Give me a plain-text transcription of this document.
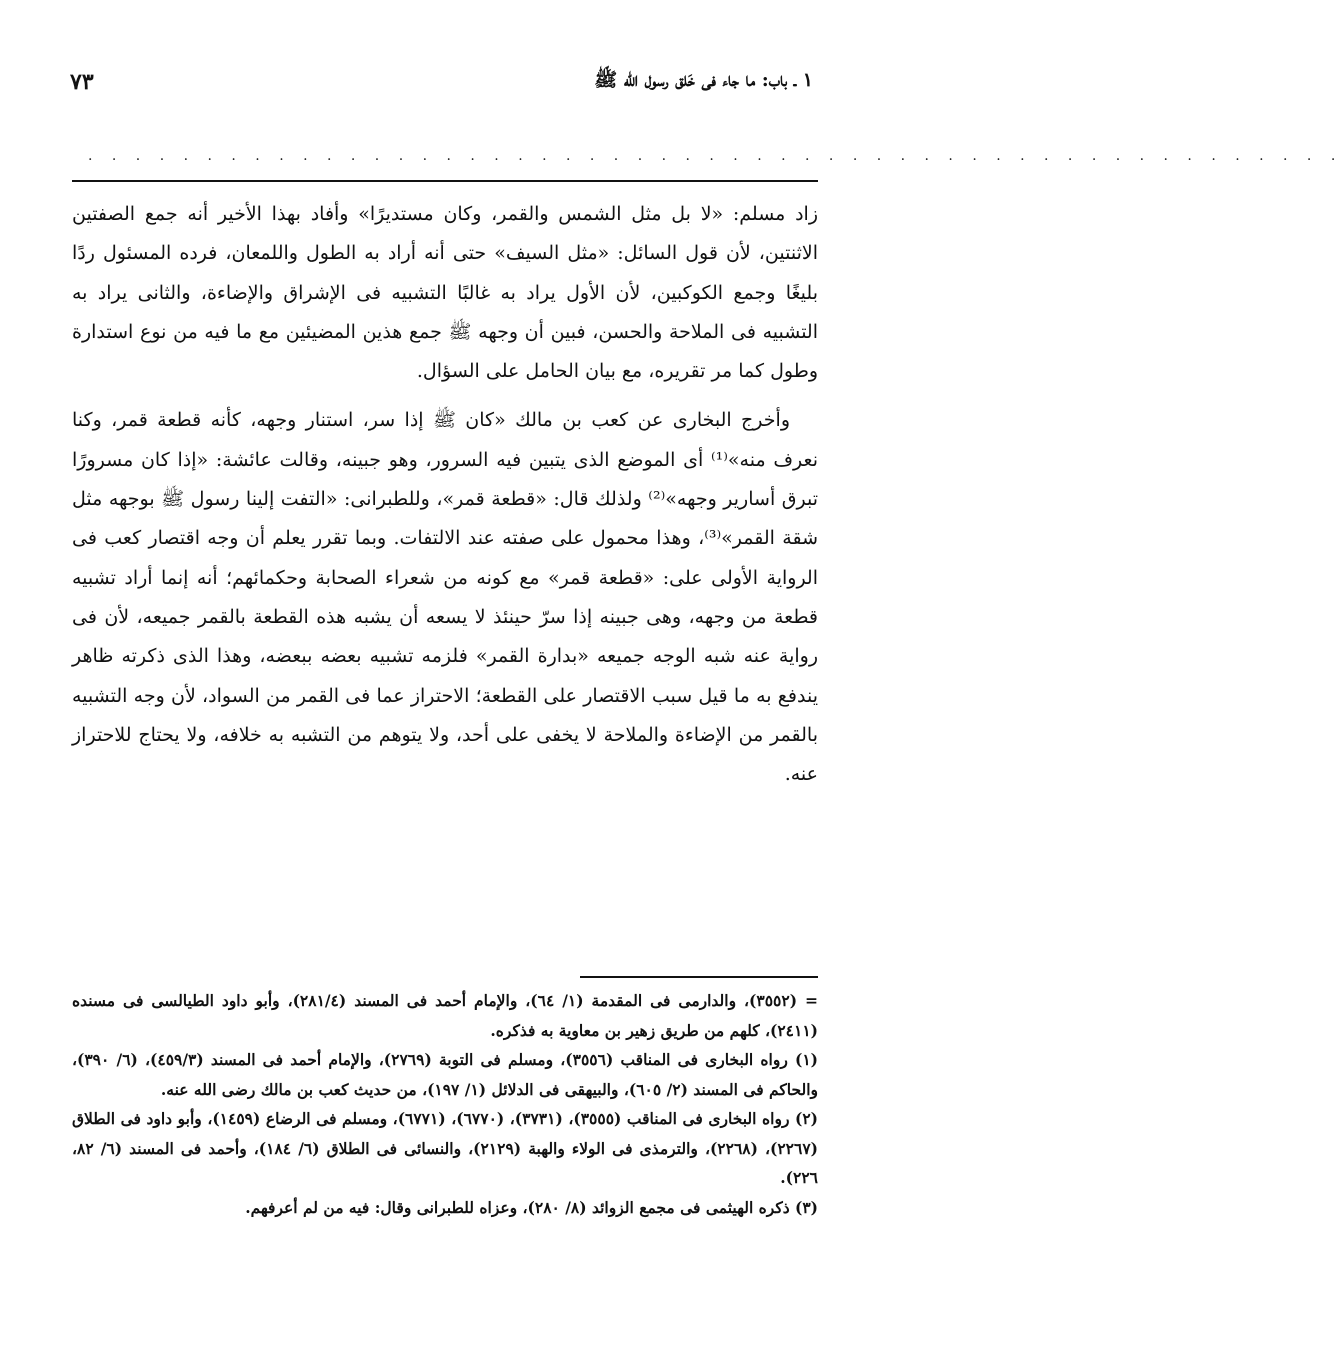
٧٣	١ ـ باب: ما جاء فى خَلق رسول الله ﷺ
. . . . . . . . . . . . . . . . . . . . . . . . . . . . . . . . . . . . . . . . . . . . . . . . . . . . .

زاد مسلم: «لا بل مثل الشمس والقمر، وكان مستديرًا» وأفاد بهذا الأخير أنه جمع الصفتين الاثنتين، لأن قول السائل: «مثل السيف» حتى أنه أراد به الطول واللمعان، فرده المسئول ردًا بليغًا وجمع الكوكبين، لأن الأول يراد به غالبًا التشبيه فى الإشراق والإضاءة، والثانى يراد به التشبيه فى الملاحة والحسن، فبين أن وجهه ﷺ جمع هذين المضيئين مع ما فيه من نوع استدارة وطول كما مر تقريره، مع بيان الحامل على السؤال.

وأخرج البخارى عن كعب بن مالك «كان ﷺ إذا سر، استنار وجهه، كأنه قطعة قمر، وكنا نعرف منه»⁽¹⁾ أى الموضع الذى يتبين فيه السرور، وهو جبينه، وقالت عائشة: «إذا كان مسرورًا تبرق أسارير وجهه»⁽²⁾ ولذلك قال: «قطعة قمر»، وللطبرانى: «التفت إلينا رسول ﷺ بوجهه مثل شقة القمر»⁽³⁾، وهذا محمول على صفته عند الالتفات. وبما تقرر يعلم أن وجه اقتصار كعب فى الرواية الأولى على: «قطعة قمر» مع كونه من شعراء الصحابة وحكمائهم؛ أنه إنما أراد تشبيه قطعة من وجهه، وهى جبينه إذا سرّ حينئذ لا يسعه أن يشبه هذه القطعة بالقمر جميعه، لأن فى رواية عنه شبه الوجه جميعه «بدارة القمر» فلزمه تشبيه بعضه ببعضه، وهذا الذى ذكرته ظاهر يندفع به ما قيل سبب الاقتصار على القطعة؛ الاحتراز عما فى القمر من السواد، لأن وجه التشبيه بالقمر من الإضاءة والملاحة لا يخفى على أحد، ولا يتوهم من التشبه به خلافه، ولا يحتاج للاحتراز عنه.

= (٣٥٥٢)، والدارمى فى المقدمة (١/ ٦٤)، والإمام أحمد فى المسند (٢٨١/٤)، وأبو داود الطيالسى فى مسنده (٢٤١١)، كلهم من طريق زهير بن معاوية به فذكره.

(١) رواه البخارى فى المناقب (٣٥٥٦)، ومسلم فى التوبة (٢٧٦٩)، والإمام أحمد فى المسند (٤٥٩/٣)، (٦/ ٣٩٠)، والحاكم فى المسند (٢/ ٦٠٥)، والبيهقى فى الدلائل (١/ ١٩٧)، من حديث كعب بن مالك رضى الله عنه.

(٢) رواه البخارى فى المناقب (٣٥٥٥)، (٣٧٣١)، (٦٧٧٠)، (٦٧٧١)، ومسلم فى الرضاع (١٤٥٩)، وأبو داود فى الطلاق (٢٢٦٧)، (٢٢٦٨)، والترمذى فى الولاء والهبة (٢١٢٩)، والنسائى فى الطلاق (٦/ ١٨٤)، وأحمد فى المسند (٦/ ٨٢، ٢٢٦).

(٣) ذكره الهيثمى فى مجمع الزوائد (٨/ ٢٨٠)، وعزاه للطبرانى وقال: فيه من لم أعرفهم.
